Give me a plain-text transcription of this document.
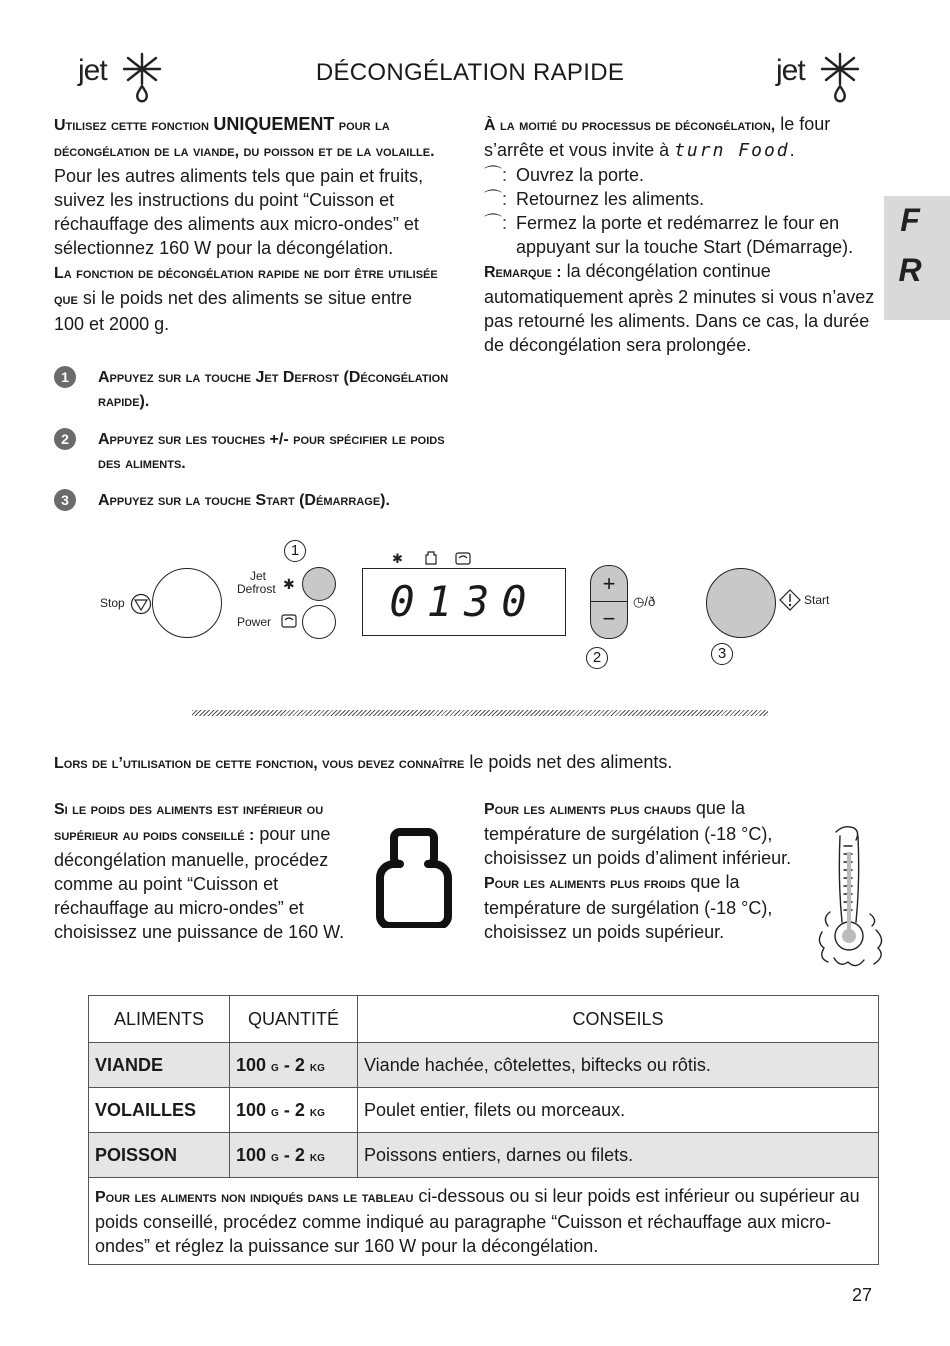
jet	DÉCONGÉLATION RAPIDE	jet
F
R

Utilisez cette fonction UNIQUEMENT pour la décongélation de la viande, du poisson et de la volaille. Pour les autres aliments tels que pain et fruits, suivez les instructions du point “Cuisson et réchauffage des aliments aux micro-ondes” et sélectionnez 160 W pour la décongélation.

La fonction de décongélation rapide ne doit être utilisée que si le poids net des aliments se situe entre 100 et 2000 g.

1	Appuyez sur la touche Jet Defrost (Décongélation rapide).
2	Appuyez sur les touches +/- pour spécifier le poids des aliments.
3	Appuyez sur la touche Start (Démarrage).

À la moitié du processus de décongélation, le four s’arrête et vous invite à turn Food.

⌒: Ouvrez la porte.
⌒: Retournez les aliments.
⌒: Fermez la porte et redémarrez le four en appuyant sur la touche Start (Démarrage).

Remarque : la décongélation continue automatiquement après 2 minutes si vous n’avez pas retourné les aliments. Dans ce cas, la durée de décongélation sera prolongée.

Stop
1
Jet
Defrost ✱
Power
✱
0130	+
−
◷/ð
2
Start
3
Lors de l’utilisation de cette fonction, vous devez connaître le poids net des aliments.
Si le poids des aliments est inférieur ou supérieur au poids conseillé : pour une décongélation manuelle, procédez comme au point “Cuisson et réchauffage au micro-ondes” et choisissez une puissance de 160 W.

Pour les aliments plus chauds que la température de surgélation (-18 °C), choisissez un poids d’aliment inférieur.

Pour les aliments plus froids que la température de surgélation (-18 °C), choisissez un poids supérieur.

ALIMENTS	QUANTITÉ	CONSEILS
VIANDE	100 g - 2 kg	Viande hachée, côtelettes, biftecks ou rôtis.
VOLAILLES	100 g - 2 kg	Poulet entier, filets ou morceaux.
POISSON	100 g - 2 kg	Poissons entiers, darnes ou filets.
Pour les aliments non indiqués dans le tableau ci-dessous ou si leur poids est inférieur ou supérieur au poids conseillé, procédez comme indiqué au paragraphe “Cuisson et réchauffage aux micro-ondes” et réglez la puissance sur 160 W pour la décongélation.		
27
